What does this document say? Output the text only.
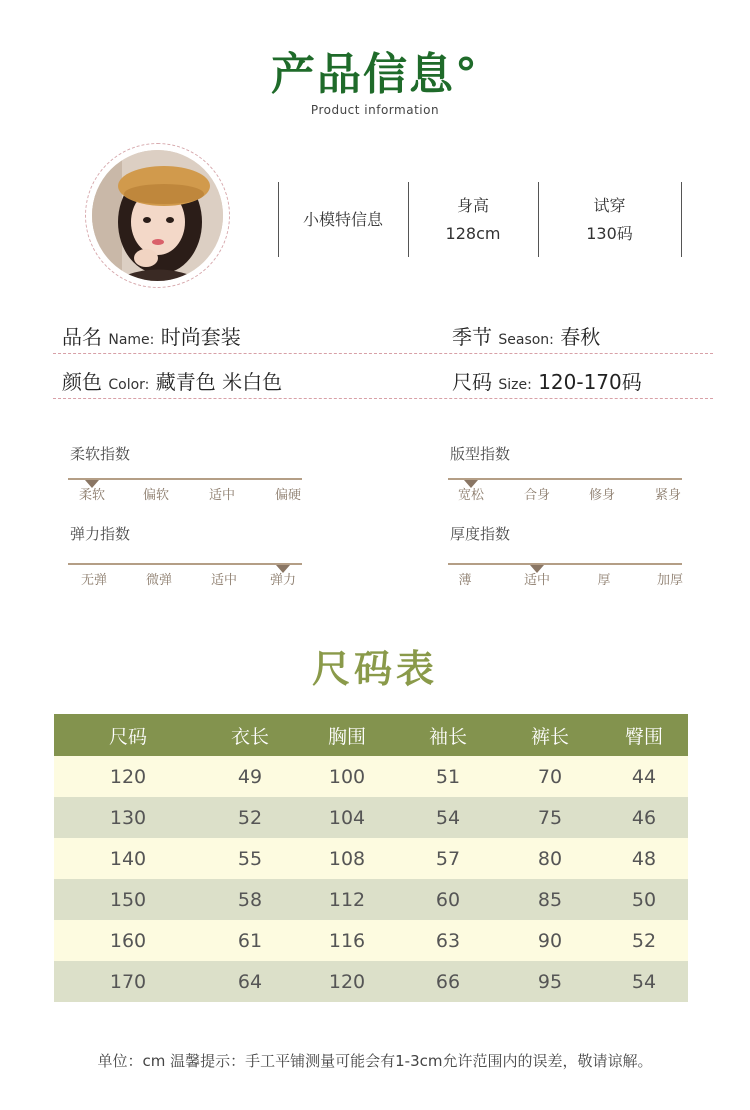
产品信息°
Product information
小模特信息
身高
128cm
试穿
130码
品名 Name: 时尚套装	季节 Season: 春秋
颜色 Color: 藏青色 米白色	尺码 Size: 120-170码
柔软指数
柔软	偏软	适中	偏硬
版型指数
宽松	合身	修身	紧身
弹力指数
无弹	微弹	适中	弹力
厚度指数
薄	适中	厚	加厚
尺码表
尺码	衣长	胸围	袖长	裤长	臀围
120	49	100	51	70	44
130	52	104	54	75	46
140	55	108	57	80	48
150	58	112	60	85	50
160	61	116	63	90	52
170	64	120	66	95	54
单位：cm 温馨提示：手工平铺测量可能会有1-3cm允许范围内的误差，敬请谅解。
